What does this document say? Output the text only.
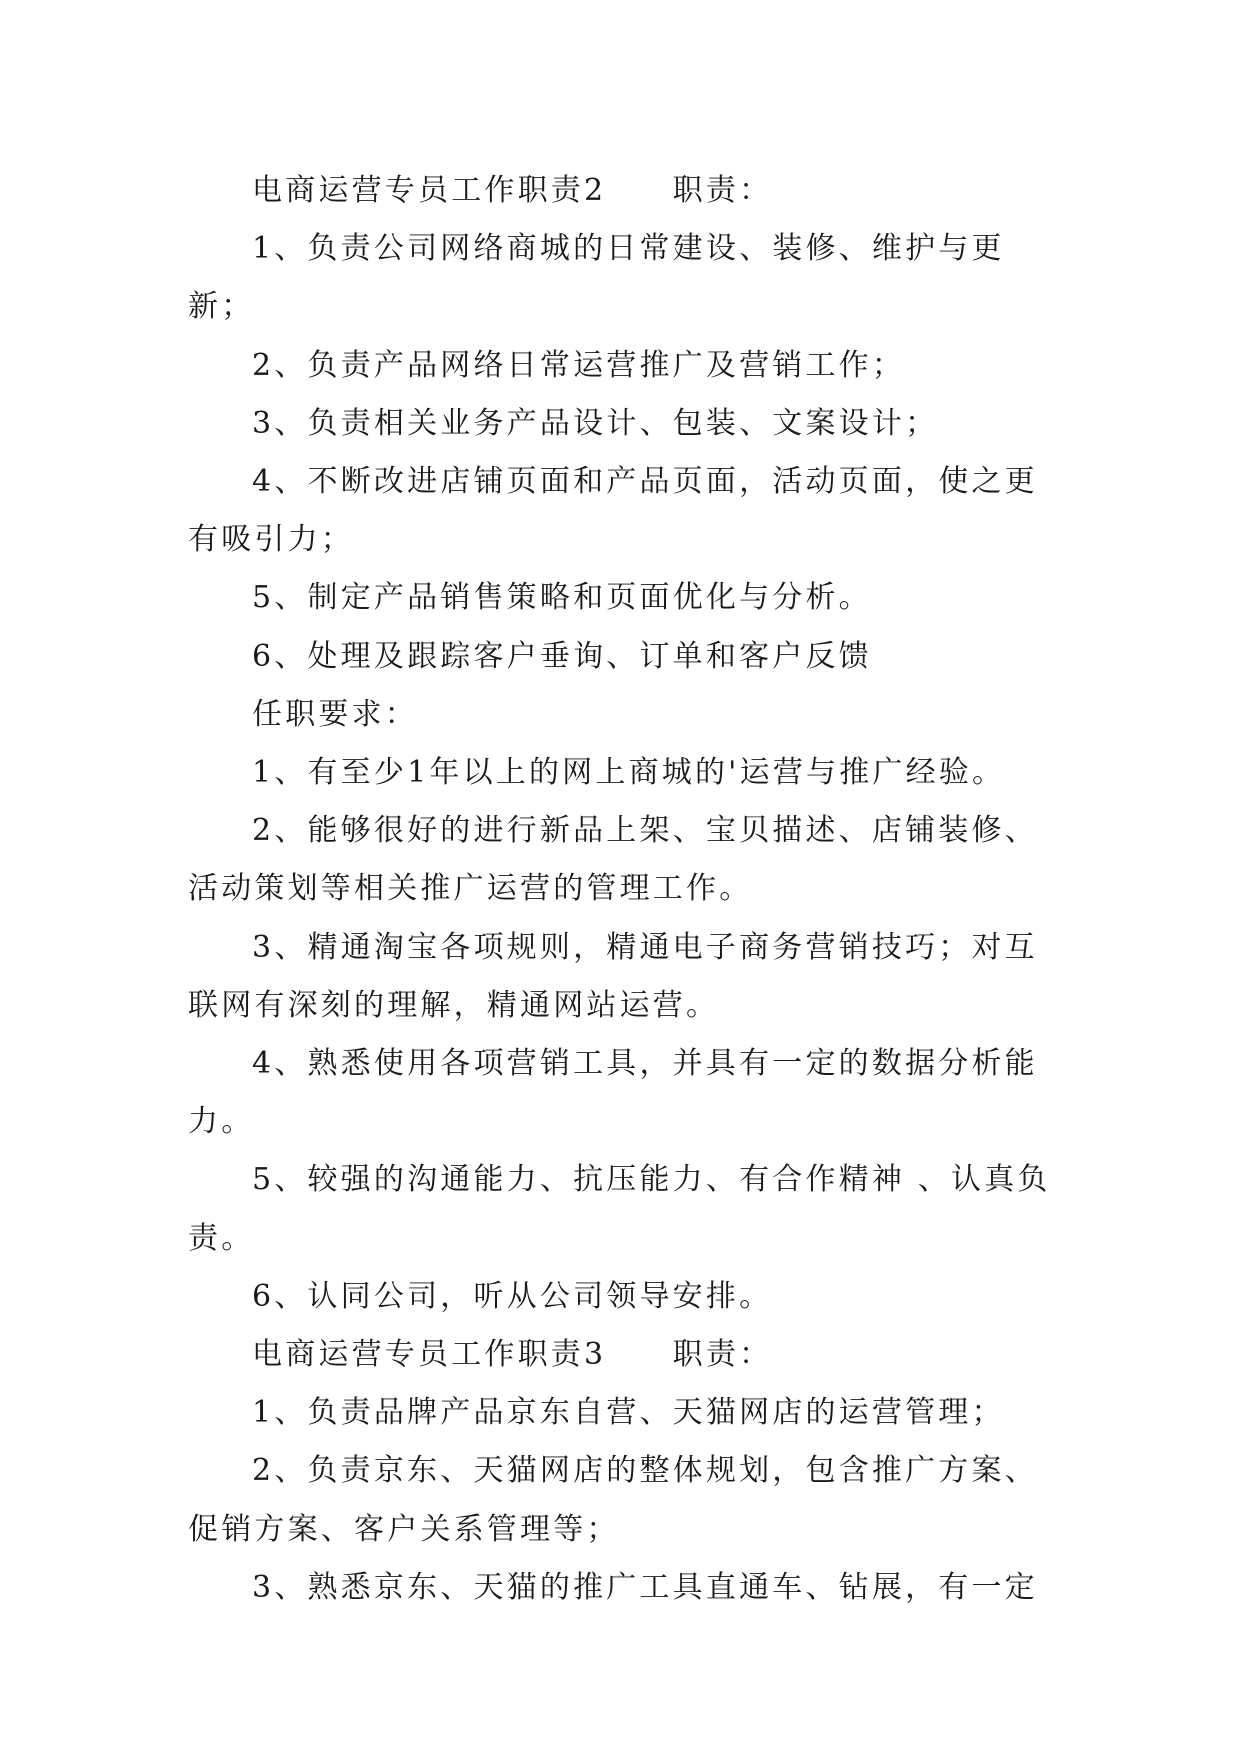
电商运营专员工作职责2　　职责：

1、负责公司网络商城的日常建设、装修、维护与更新；

2、负责产品网络日常运营推广及营销工作；

3、负责相关业务产品设计、包装、文案设计；

4、不断改进店铺页面和产品页面，活动页面，使之更有吸引力；

5、制定产品销售策略和页面优化与分析。

6、处理及跟踪客户垂询、订单和客户反馈

任职要求：

1、有至少1年以上的网上商城的'运营与推广经验。

2、能够很好的进行新品上架、宝贝描述、店铺装修、活动策划等相关推广运营的管理工作。

3、精通淘宝各项规则，精通电子商务营销技巧；对互联网有深刻的理解，精通网站运营。

4、熟悉使用各项营销工具，并具有一定的数据分析能力。

5、较强的沟通能力、抗压能力、有合作精神 、认真负责。

6、认同公司，听从公司领导安排。

电商运营专员工作职责3　　职责：

1、负责品牌产品京东自营、天猫网店的运营管理；

2、负责京东、天猫网店的整体规划，包含推广方案、促销方案、客户关系管理等；

3、熟悉京东、天猫的推广工具直通车、钻展，有一定
